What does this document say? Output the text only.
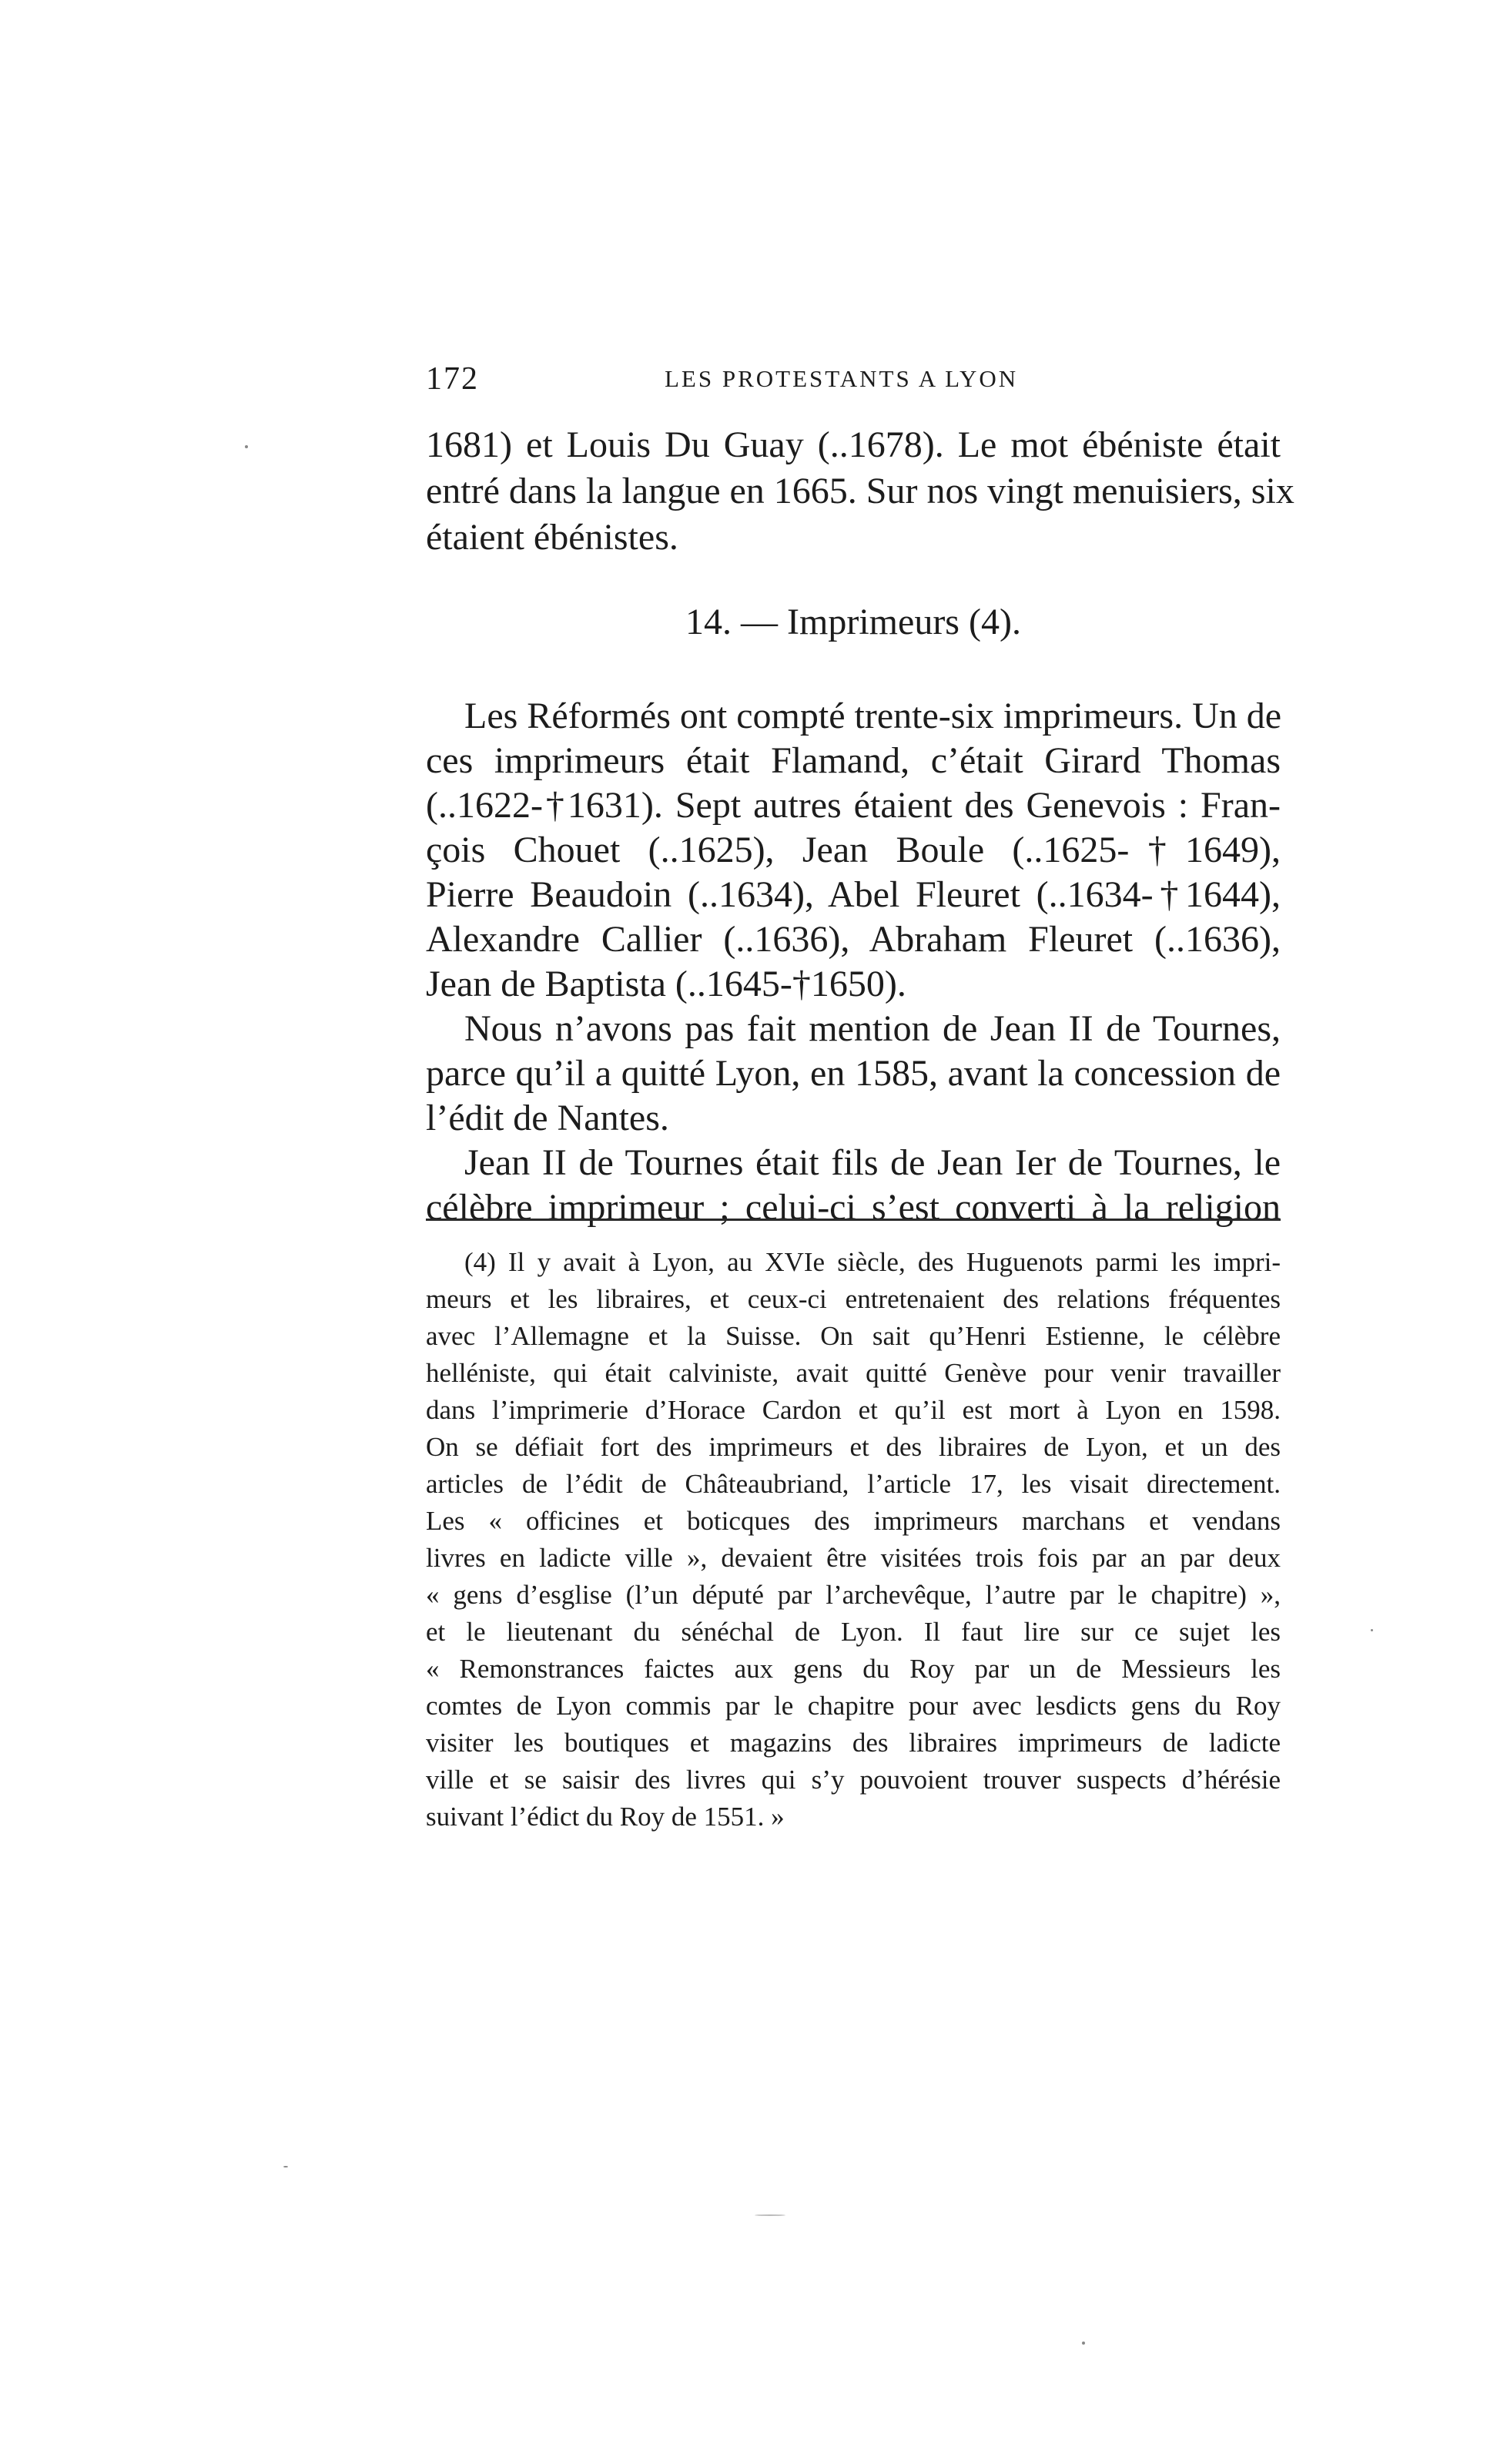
172	LES PROTESTANTS A LYON
1681) et Louis Du Guay (..1678). Le mot ébéniste était
entré dans la langue en 1665. Sur nos vingt menuisiers, six
étaient ébénistes.
14. — Imprimeurs (4).
Les Réformés ont compté trente-six imprimeurs. Un de
ces imprimeurs était Flamand, c’était Girard Thomas
(..1622-†1631). Sept autres étaient des Genevois : Fran-
çois Chouet (..1625), Jean Boule (..1625-†1649),
Pierre Beaudoin (..1634), Abel Fleuret (..1634-†1644),
Alexandre Callier (..1636), Abraham Fleuret (..1636),
Jean de Baptista (..1645-†1650).
Nous n’avons pas fait mention de Jean II de Tournes,
parce qu’il a quitté Lyon, en 1585, avant la concession de
l’édit de Nantes.
Jean II de Tournes était fils de Jean Ier de Tournes, le
célèbre imprimeur ; celui-ci s’est converti à la religion
(4) Il y avait à Lyon, au XVIe siècle, des Huguenots parmi les impri-
meurs et les libraires, et ceux-ci entretenaient des relations fréquentes
avec l’Allemagne et la Suisse. On sait qu’Henri Estienne, le célèbre
helléniste, qui était calviniste, avait quitté Genève pour venir travailler
dans l’imprimerie d’Horace Cardon et qu’il est mort à Lyon en 1598.
On se défiait fort des imprimeurs et des libraires de Lyon, et un des
articles de l’édit de Châteaubriand, l’article 17, les visait directement.
Les « officines et boticques des imprimeurs marchans et vendans
livres en ladicte ville », devaient être visitées trois fois par an par deux
« gens d’esglise (l’un député par l’archevêque, l’autre par le chapitre) »,
et le lieutenant du sénéchal de Lyon. Il faut lire sur ce sujet les
« Remonstrances faictes aux gens du Roy par un de Messieurs les
comtes de Lyon commis par le chapitre pour avec lesdicts gens du Roy
visiter les boutiques et magazins des libraires imprimeurs de ladicte
ville et se saisir des livres qui s’y pouvoient trouver suspects d’hérésie
suivant l’édict du Roy de 1551. »
